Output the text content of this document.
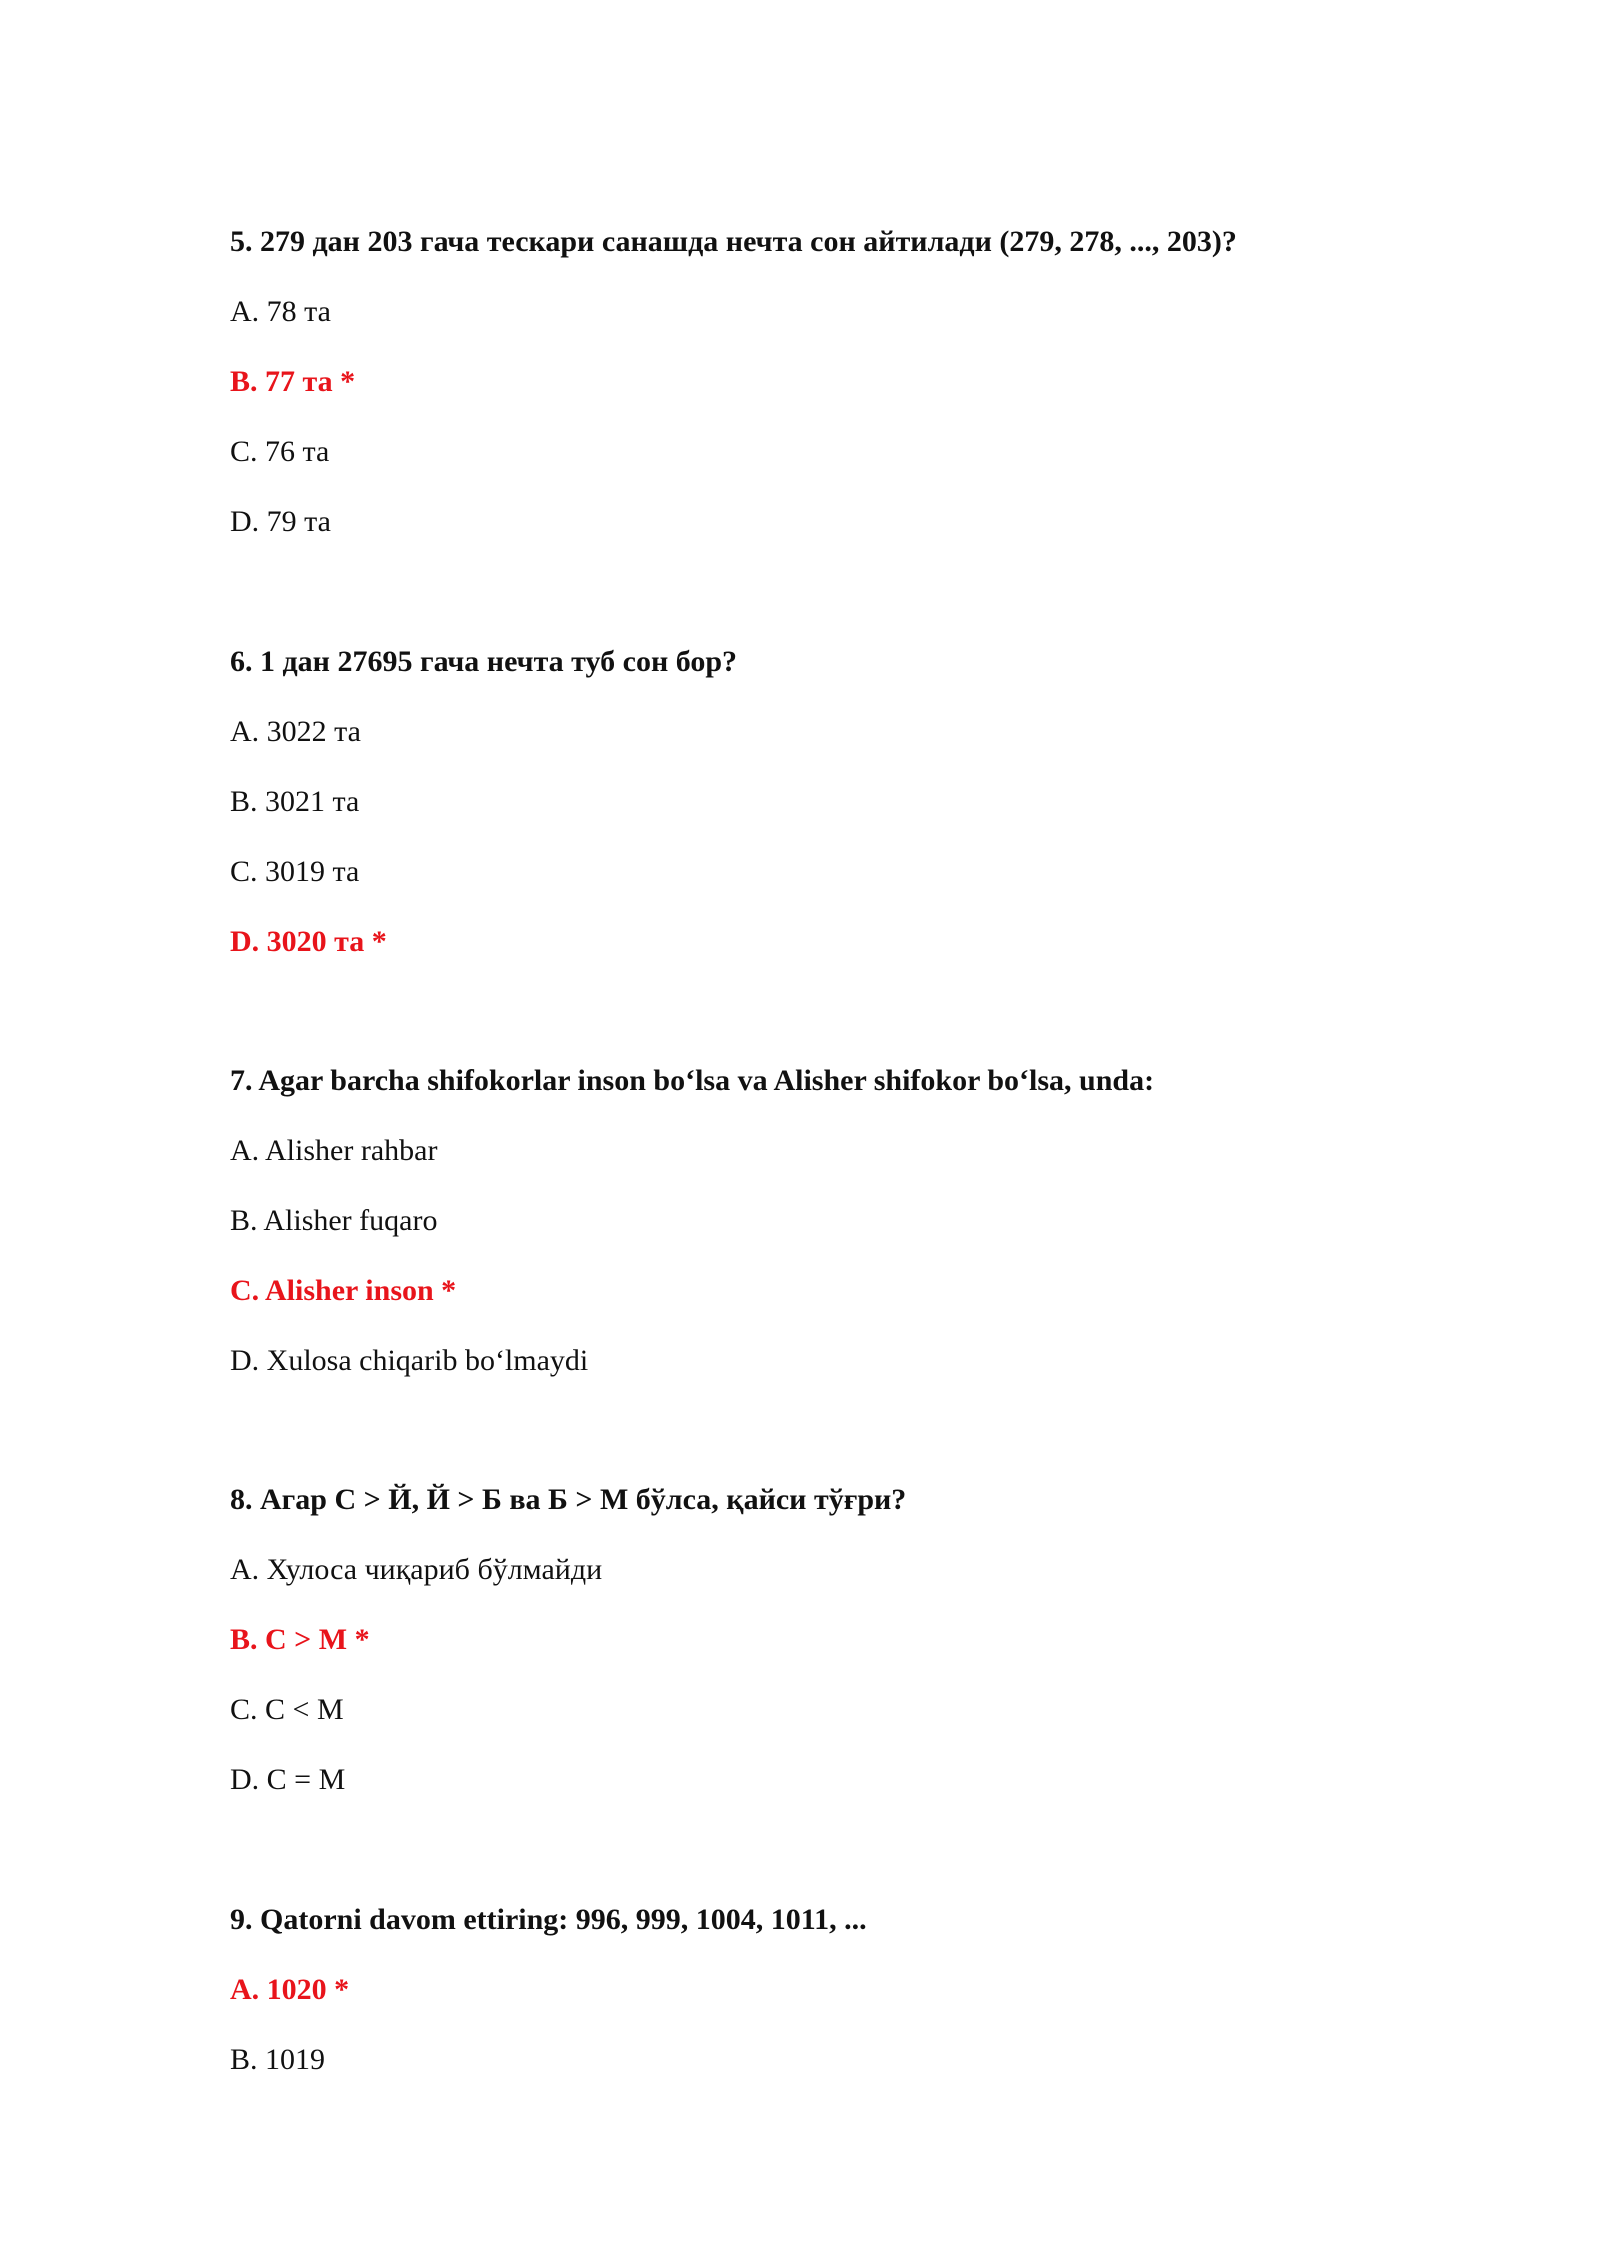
5. 279 дан 203 гача тескари санашда нечта сон айтилади (279, 278, ..., 203)?

A. 78 та
B. 77 та *
C. 76 та
D. 79 та

6. 1 дан 27695 гача нечта туб сон бор?

A. 3022 та
B. 3021 та
C. 3019 та
D. 3020 та *

7. Agar barcha shifokorlar inson bo‘lsa va Alisher shifokor bo‘lsa, unda:

A. Alisher rahbar
B. Alisher fuqaro
C. Alisher inson *
D. Xulosa chiqarib bo‘lmaydi

8. Агар С > Й, Й > Б ва Б > М бўлса, қайси тўғри?

A. Хулоса чиқариб бўлмайди
B. С > М *
C. С < М
D. С = М

9. Qatorni davom ettiring: 996, 999, 1004, 1011, ...

A. 1020 *
B. 1019
